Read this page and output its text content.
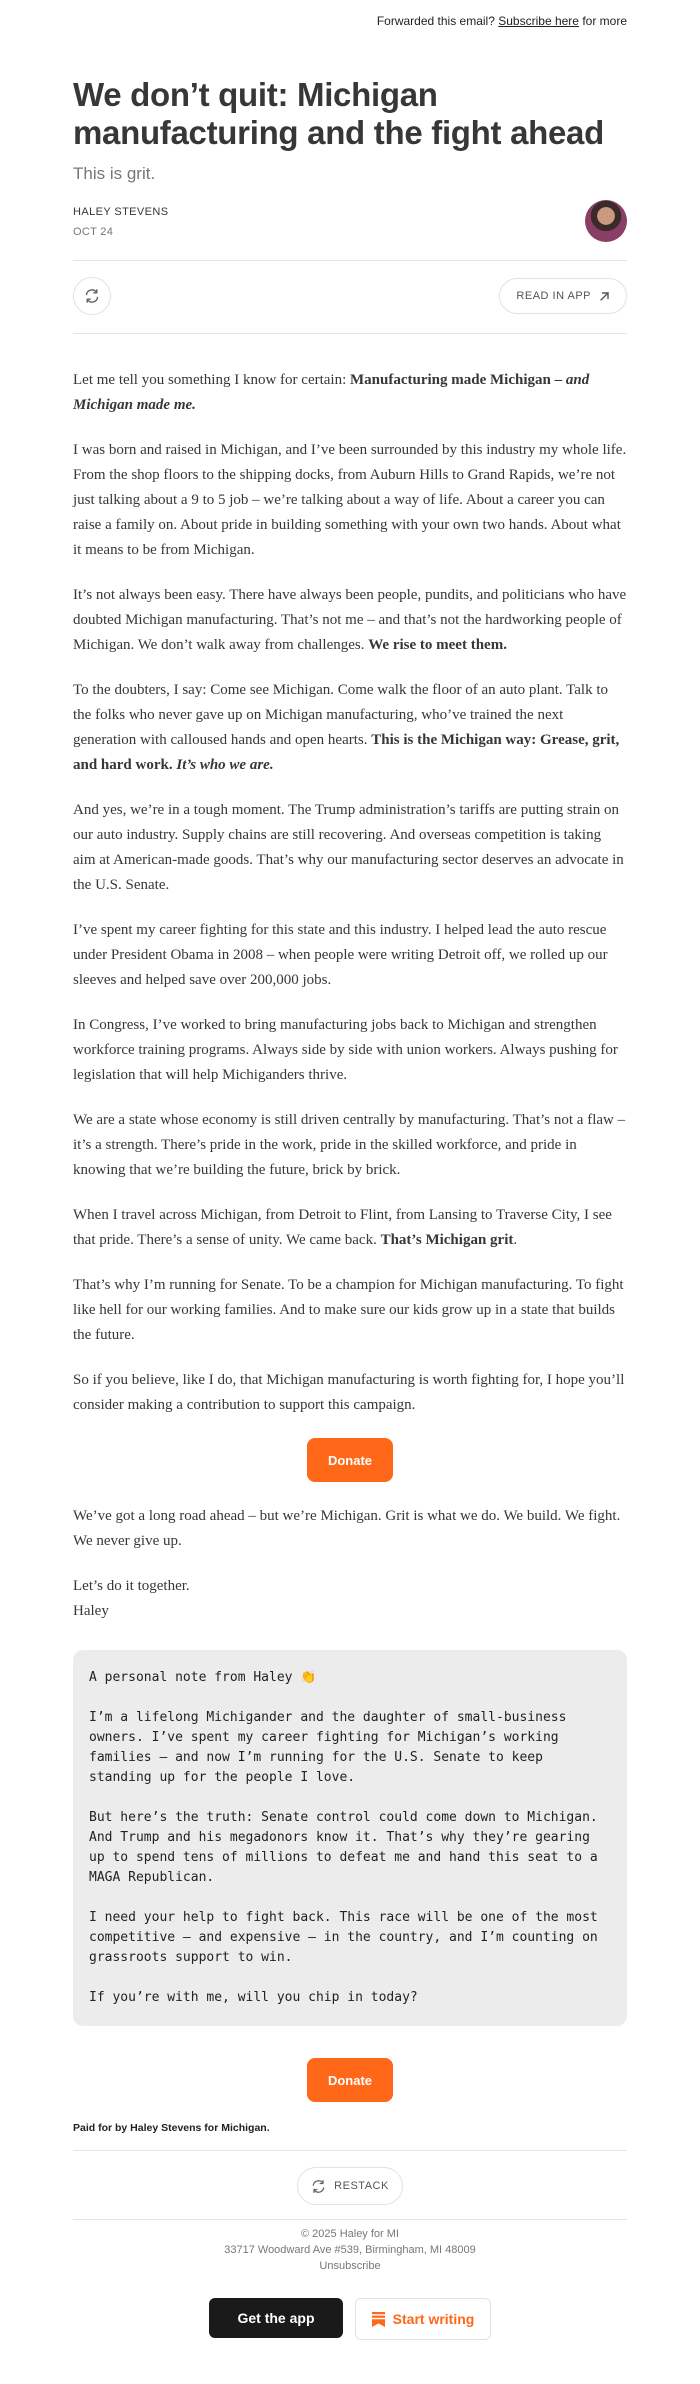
Forwarded this email? Subscribe here for more
We don’t quit: Michigan manufacturing and the fight ahead
This is grit.
HALEY STEVENS
OCT 24
READ IN APP

Let me tell you something I know for certain: Manufacturing made Michigan – and Michigan made me.

I was born and raised in Michigan, and I’ve been surrounded by this industry my whole life. From the shop floors to the shipping docks, from Auburn Hills to Grand Rapids, we’re not just talking about a 9 to 5 job – we’re talking about a way of life. About a career you can raise a family on. About pride in building something with your own two hands. About what it means to be from Michigan.

It’s not always been easy. There have always been people, pundits, and politicians who have doubted Michigan manufacturing. That’s not me – and that’s not the hardworking people of Michigan. We don’t walk away from challenges. We rise to meet them.

To the doubters, I say: Come see Michigan. Come walk the floor of an auto plant. Talk to the folks who never gave up on Michigan manufacturing, who’ve trained the next generation with calloused hands and open hearts. This is the Michigan way: Grease, grit, and hard work. It’s who we are.

And yes, we’re in a tough moment. The Trump administration’s tariffs are putting strain on our auto industry. Supply chains are still recovering. And overseas competition is taking aim at American-made goods. That’s why our manufacturing sector deserves an advocate in the U.S. Senate.

I’ve spent my career fighting for this state and this industry. I helped lead the auto rescue under President Obama in 2008 – when people were writing Detroit off, we rolled up our sleeves and helped save over 200,000 jobs.

In Congress, I’ve worked to bring manufacturing jobs back to Michigan and strengthen workforce training programs. Always side by side with union workers. Always pushing for legislation that will help Michiganders thrive.

We are a state whose economy is still driven centrally by manufacturing. That’s not a flaw – it’s a strength. There’s pride in the work, pride in the skilled workforce, and pride in knowing that we’re building the future, brick by brick.

When I travel across Michigan, from Detroit to Flint, from Lansing to Traverse City, I see that pride. There’s a sense of unity. We came back. That’s Michigan grit.

That’s why I’m running for Senate. To be a champion for Michigan manufacturing. To fight like hell for our working families. And to make sure our kids grow up in a state that builds the future.

So if you believe, like I do, that Michigan manufacturing is worth fighting for, I hope you’ll consider making a contribution to support this campaign.

Donate

We’ve got a long road ahead – but we’re Michigan. Grit is what we do. We build. We fight. We never give up.

Let’s do it together.
Haley

A personal note from Haley 👏

I’m a lifelong Michigander and the daughter of small-business owners. I’ve spent my career fighting for Michigan’s working families – and now I’m running for the U.S. Senate to keep standing up for the people I love.

But here’s the truth: Senate control could come down to Michigan. And Trump and his megadonors know it. That’s why they’re gearing up to spend tens of millions to defeat me and hand this seat to a MAGA Republican.

I need your help to fight back. This race will be one of the most competitive – and expensive – in the country, and I’m counting on grassroots support to win.

If you’re with me, will you chip in today?

Donate
Paid for by Haley Stevens for Michigan.
RESTACK
© 2025 Haley for MI
33717 Woodward Ave #539, Birmingham, MI 48009
Unsubscribe
Get the app	Start writing
